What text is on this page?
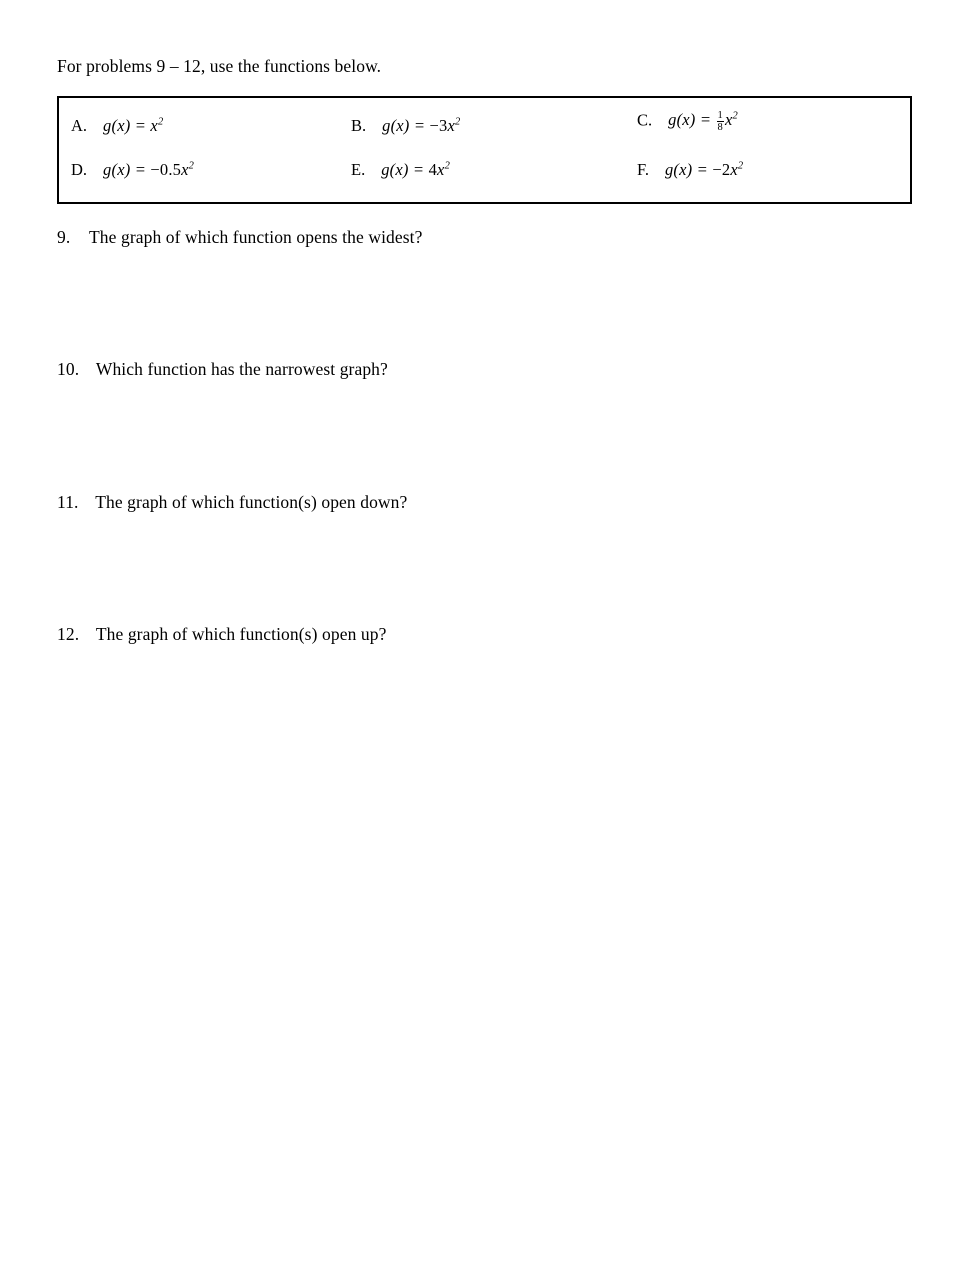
For problems 9 – 12, use the functions below.
A. $g(x) = x^2$	B. $g(x) = -3x^2$	C. $g(x) = \frac{1}{8} x^2$
D. $g(x) = -0.5x^2$	E. $g(x) = 4x^2$	F. $g(x) = -2x^2$
9. The graph of which function opens the widest?
10. Which function has the narrowest graph?
11. The graph of which function(s) open down?
12. The graph of which function(s) open up?
